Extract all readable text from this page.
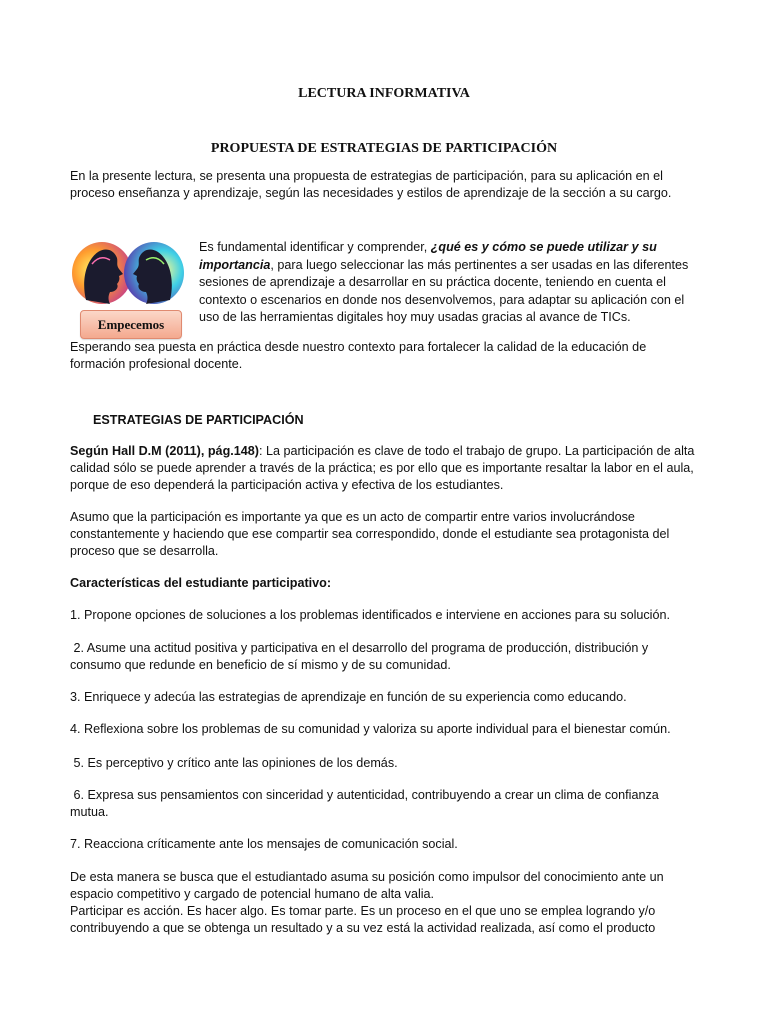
LECTURA INFORMATIVA
PROPUESTA DE ESTRATEGIAS DE PARTICIPACIÓN

En la presente lectura, se presenta una propuesta de estrategias de participación, para su aplicación en el proceso enseñanza y aprendizaje, según las necesidades y estilos de aprendizaje de la sección a su cargo.

Empecemos

Es fundamental identificar y comprender, ¿qué es y cómo se puede utilizar y su importancia, para luego seleccionar las más pertinentes a ser usadas en las diferentes sesiones de aprendizaje a desarrollar en su práctica docente, teniendo en cuenta el contexto o escenarios en donde nos desenvolvemos, para adaptar su aplicación con el uso de las herramientas digitales hoy muy usadas gracias al avance de TICs.

Esperando sea puesta en práctica desde nuestro contexto para fortalecer la calidad de la educación de formación profesional docente.

ESTRATEGIAS DE PARTICIPACIÓN

Según Hall D.M (2011), pág.148): La participación es clave de todo el trabajo de grupo. La participación de alta calidad sólo se puede aprender a través de la práctica; es por ello que es importante resaltar la labor en el aula, porque de eso dependerá la participación activa y efectiva de los estudiantes.

Asumo que la participación es importante ya que es un acto de compartir entre varios involucrándose constantemente y haciendo que ese compartir sea correspondido, donde el estudiante sea protagonista del proceso que se desarrolla.

Características del estudiante participativo:

1. Propone opciones de soluciones a los problemas identificados e interviene en acciones para su solución.

2. Asume una actitud positiva y participativa en el desarrollo del programa de producción, distribución y consumo que redunde en beneficio de sí mismo y de su comunidad.

3. Enriquece y adecúa las estrategias de aprendizaje en función de su experiencia como educando.

4. Reflexiona sobre los problemas de su comunidad y valoriza su aporte individual para el bienestar común.

5. Es perceptivo y crítico ante las opiniones de los demás.

6. Expresa sus pensamientos con sinceridad y autenticidad, contribuyendo a crear un clima de confianza mutua.

7. Reacciona críticamente ante los mensajes de comunicación social.

De esta manera se busca que el estudiantado asuma su posición como impulsor del conocimiento ante un espacio competitivo y cargado de potencial humano de alta valia.

Participar es acción. Es hacer algo. Es tomar parte. Es un proceso en el que uno se emplea logrando y/o contribuyendo a que se obtenga un resultado y a su vez está la actividad realizada, así como el producto
